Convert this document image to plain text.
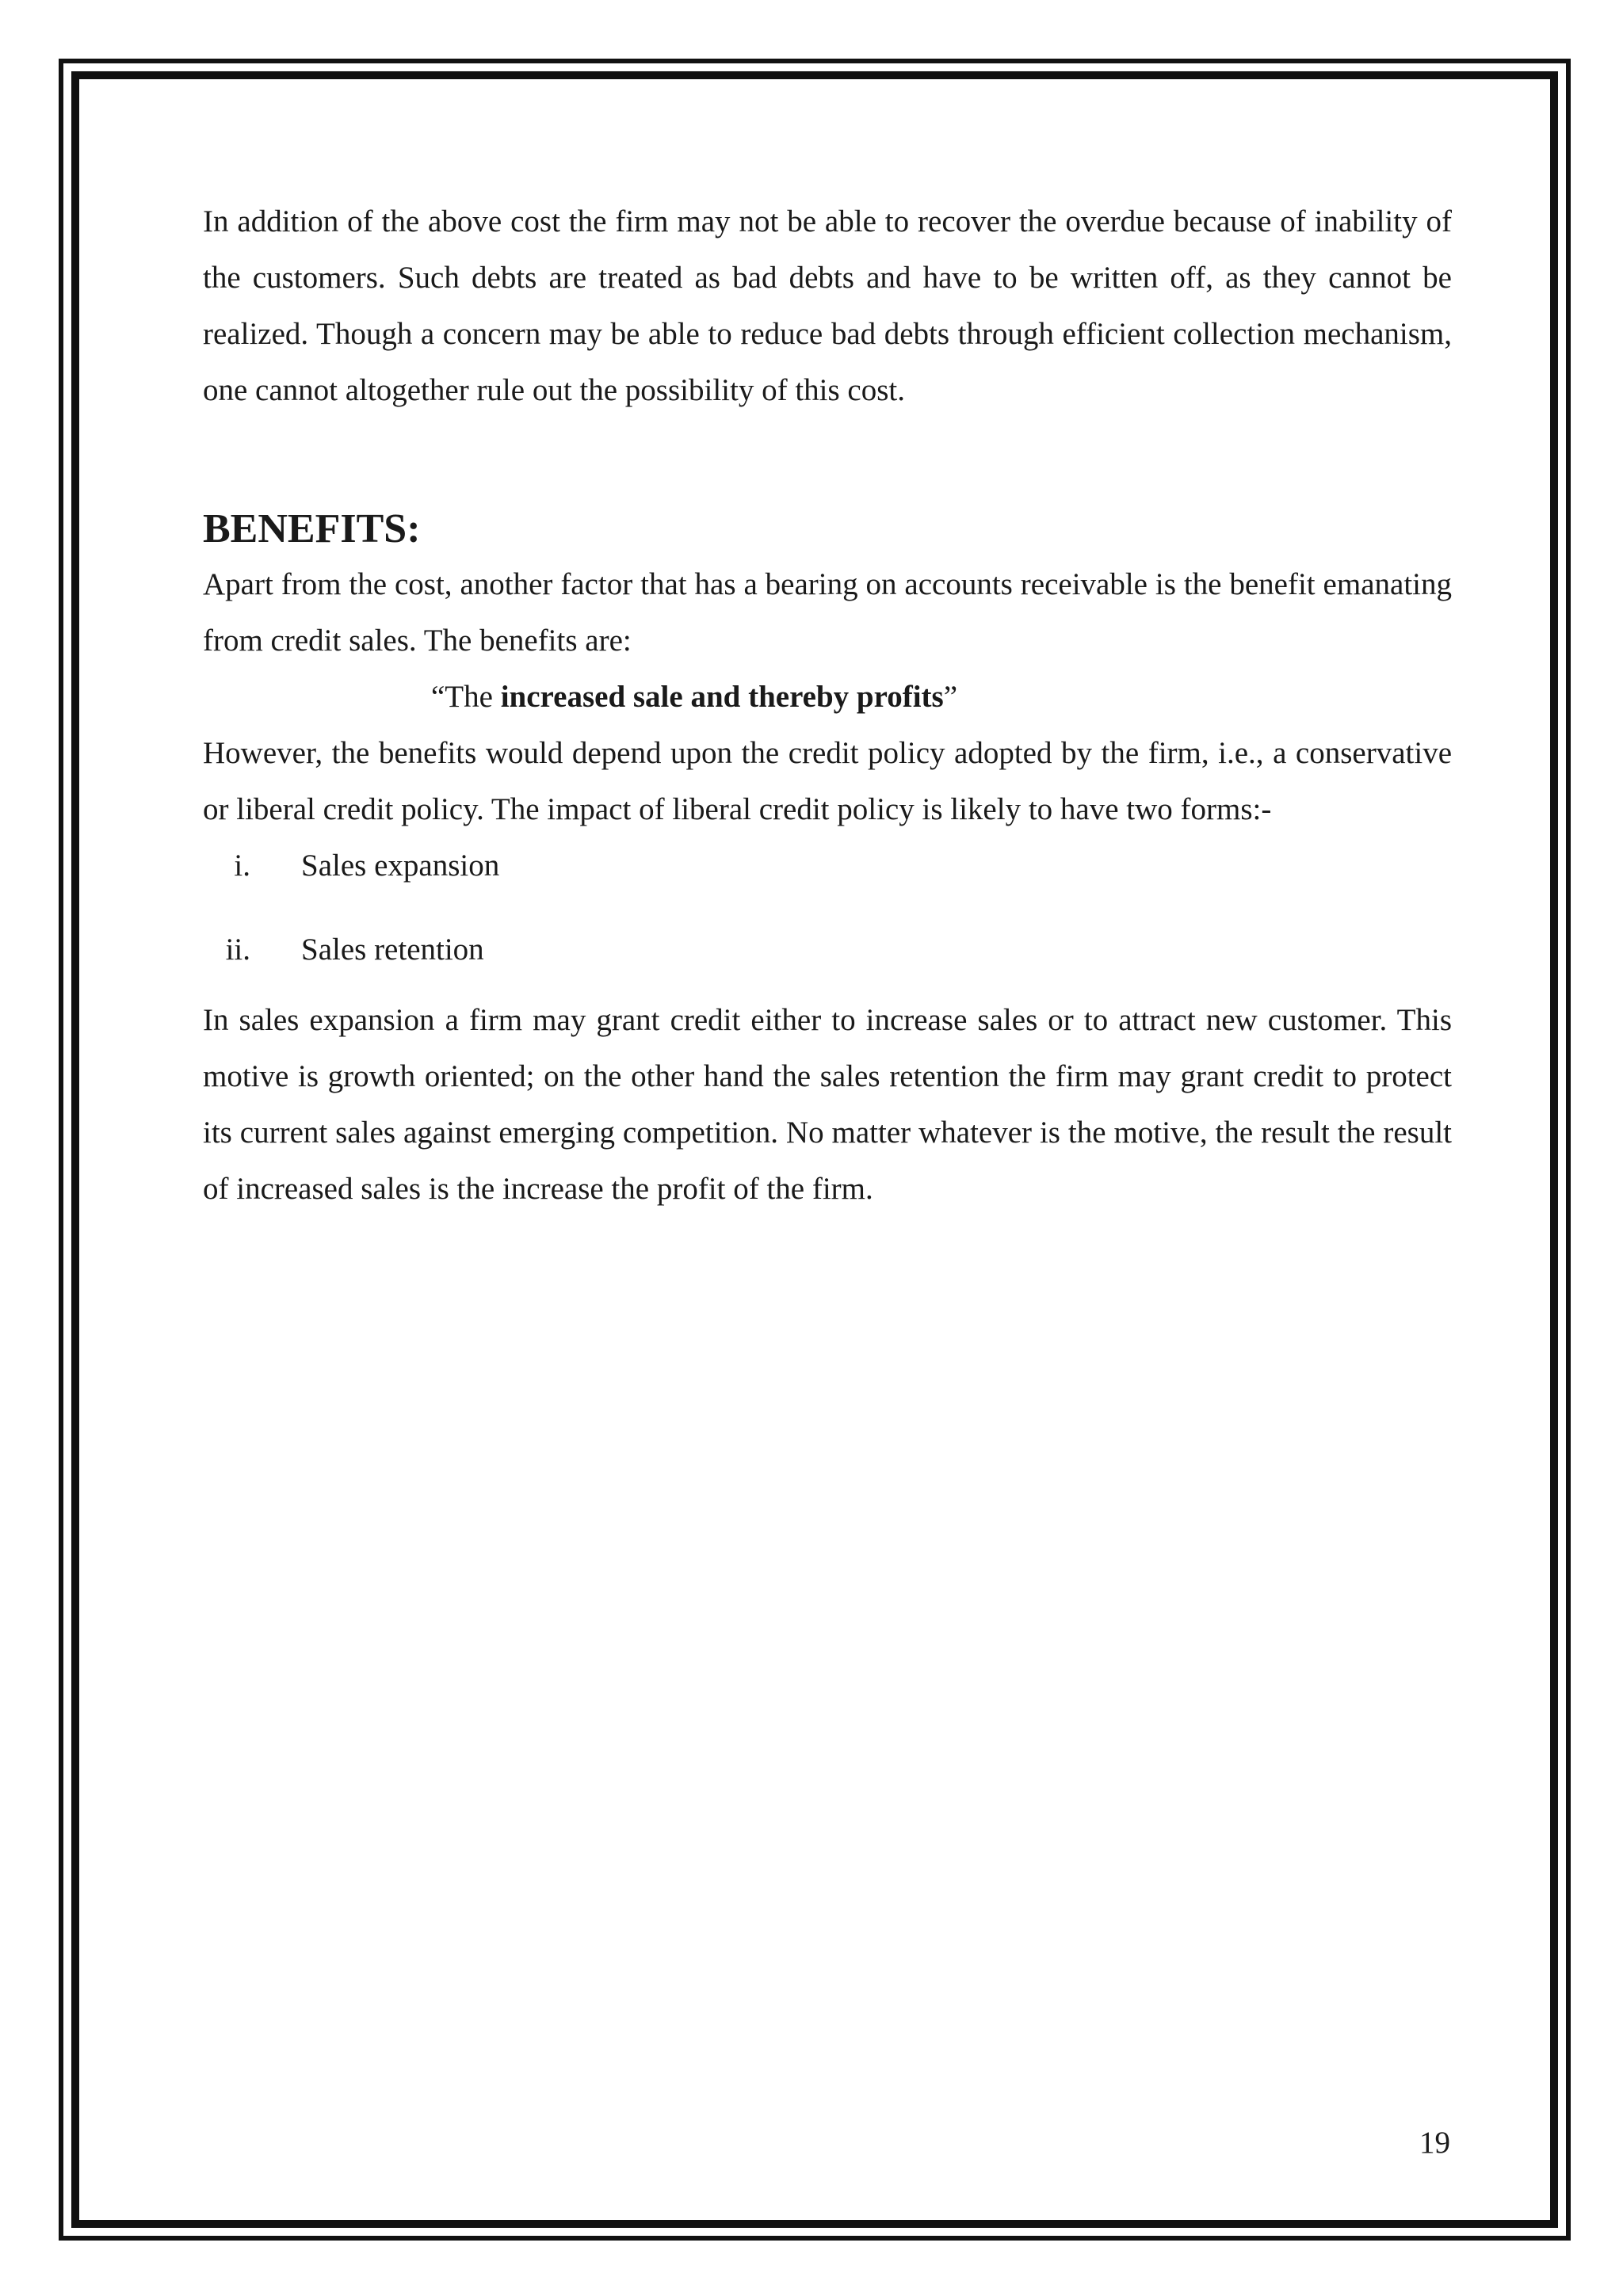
In addition of the above cost the firm may not be able to recover the overdue because of inability of the customers. Such debts are treated as bad debts and have to be written off, as they cannot be realized. Though a concern may be able to reduce bad debts through efficient collection mechanism, one cannot altogether rule out the possibility of this cost.

BENEFITS:

Apart from the cost, another factor that has a bearing on accounts receivable is the benefit emanating from credit sales. The benefits are:

“The increased sale and thereby profits”

However, the benefits would depend upon the credit policy adopted by the firm, i.e., a conservative or liberal credit policy. The impact of liberal credit policy is likely to have two forms:-

i. Sales expansion
ii. Sales retention

In sales expansion a firm may grant credit either to increase sales or to attract new customer. This motive is growth oriented; on the other hand the sales retention the firm may grant credit to protect its current sales against emerging competition. No matter whatever is the motive, the result the result of increased sales is the increase the profit of the firm.

19
